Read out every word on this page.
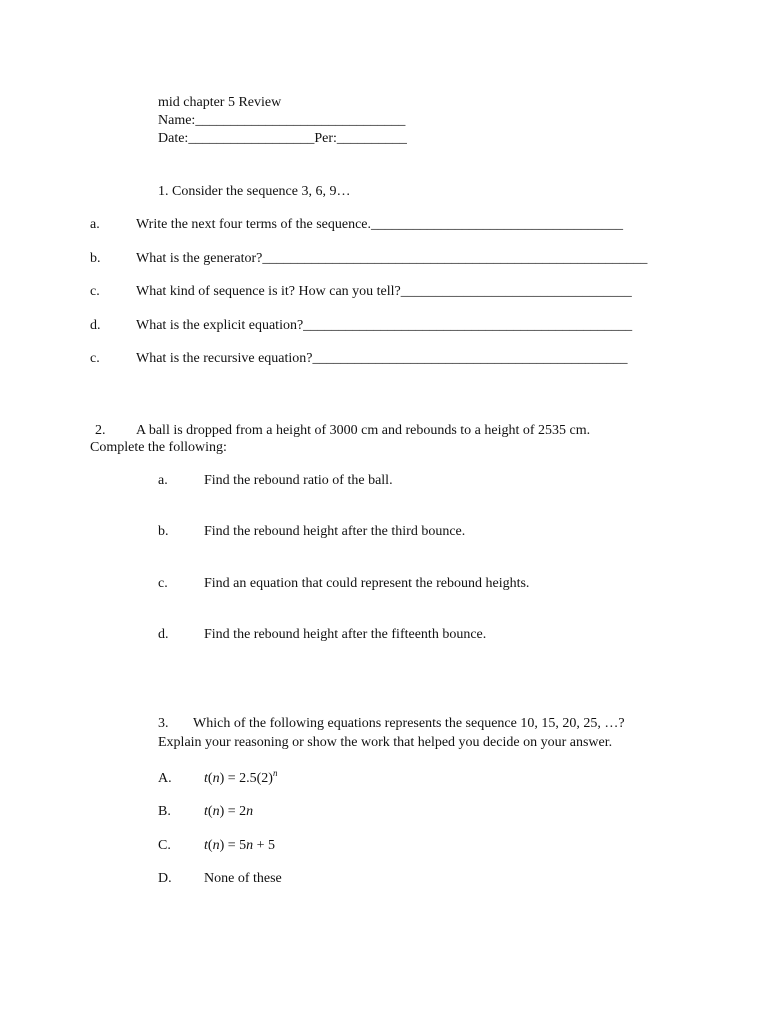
mid chapter 5 Review
Name:______________________________
Date:__________________Per:__________
1. Consider the sequence 3, 6, 9…
a.	Write the next four terms of the sequence.____________________________________
b.	What is the generator?_______________________________________________________
c.	What kind of sequence is it? How can you tell?_________________________________
d.	What is the explicit equation?_______________________________________________
c.	What is the recursive equation?_____________________________________________
2. A ball is dropped from a height of 3000 cm and rebounds to a height of 2535 cm.
Complete the following:
a.	Find the rebound ratio of the ball.
b.	Find the rebound height after the third bounce.
c.	Find an equation that could represent the rebound heights.
d.	Find the rebound height after the fifteenth bounce.
3. Which of the following equations represents the sequence 10, 15, 20, 25, …?
Explain your reasoning or show the work that helped you decide on your answer.
A. $t(n) = 2.5(2)^n$
B. t(n) = 2n
C. t(n) = 5n + 5
D. None of these
